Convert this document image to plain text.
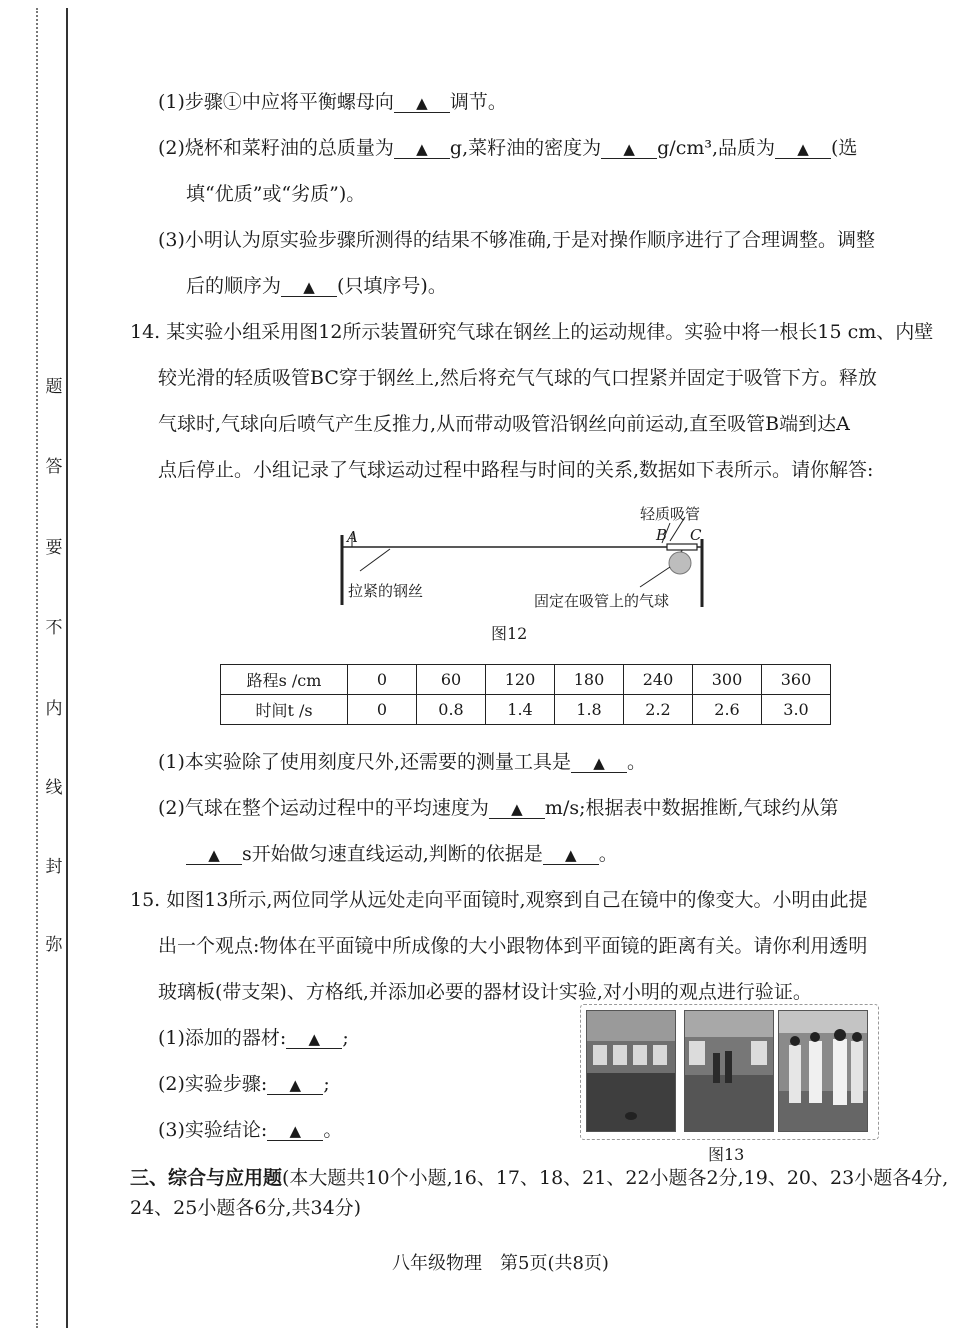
题
答
要
不
内
线
封
弥
(1)步骤①中应将平衡螺母向 ▲ 调节。
(2)烧杯和菜籽油的总质量为 ▲ g,菜籽油的密度为 ▲ g/cm³,品质为 ▲ (选
填“优质”或“劣质”)。
(3)小明认为原实验步骤所测得的结果不够准确,于是对操作顺序进行了合理调整。调整
后的顺序为 ▲ (只填序号)。
14. 某实验小组采用图12所示装置研究气球在钢丝上的运动规律。实验中将一根长15 cm、内壁
较光滑的轻质吸管BC穿于钢丝上,然后将充气气球的气口捏紧并固定于吸管下方。释放
气球时,气球向后喷气产生反推力,从而带动吸管沿钢丝向前运动,直至吸管B端到达A
点后停止。小组记录了气球运动过程中路程与时间的关系,数据如下表所示。请你解答:
A	B C
轻质吸管
拉紧的钢丝
固定在吸管上的气球
图12
路程s /cm	0	60	120	180	240	300	360
时间t /s	0	0.8	1.4	1.8	2.2	2.6	3.0
(1)本实验除了使用刻度尺外,还需要的测量工具是 ▲ 。
(2)气球在整个运动过程中的平均速度为 ▲ m/s;根据表中数据推断,气球约从第
▲ s开始做匀速直线运动,判断的依据是 ▲ 。
15. 如图13所示,两位同学从远处走向平面镜时,观察到自己在镜中的像变大。小明由此提
出一个观点:物体在平面镜中所成像的大小跟物体到平面镜的距离有关。请你利用透明
玻璃板(带支架)、方格纸,并添加必要的器材设计实验,对小明的观点进行验证。
(1)添加的器材: ▲ ;
(2)实验步骤: ▲ ;
(3)实验结论: ▲ 。
图13
三、综合与应用题(本大题共10个小题,16、17、18、21、22小题各2分,19、20、23小题各4分,
24、25小题各6分,共34分)
八年级物理　第5页(共8页)
